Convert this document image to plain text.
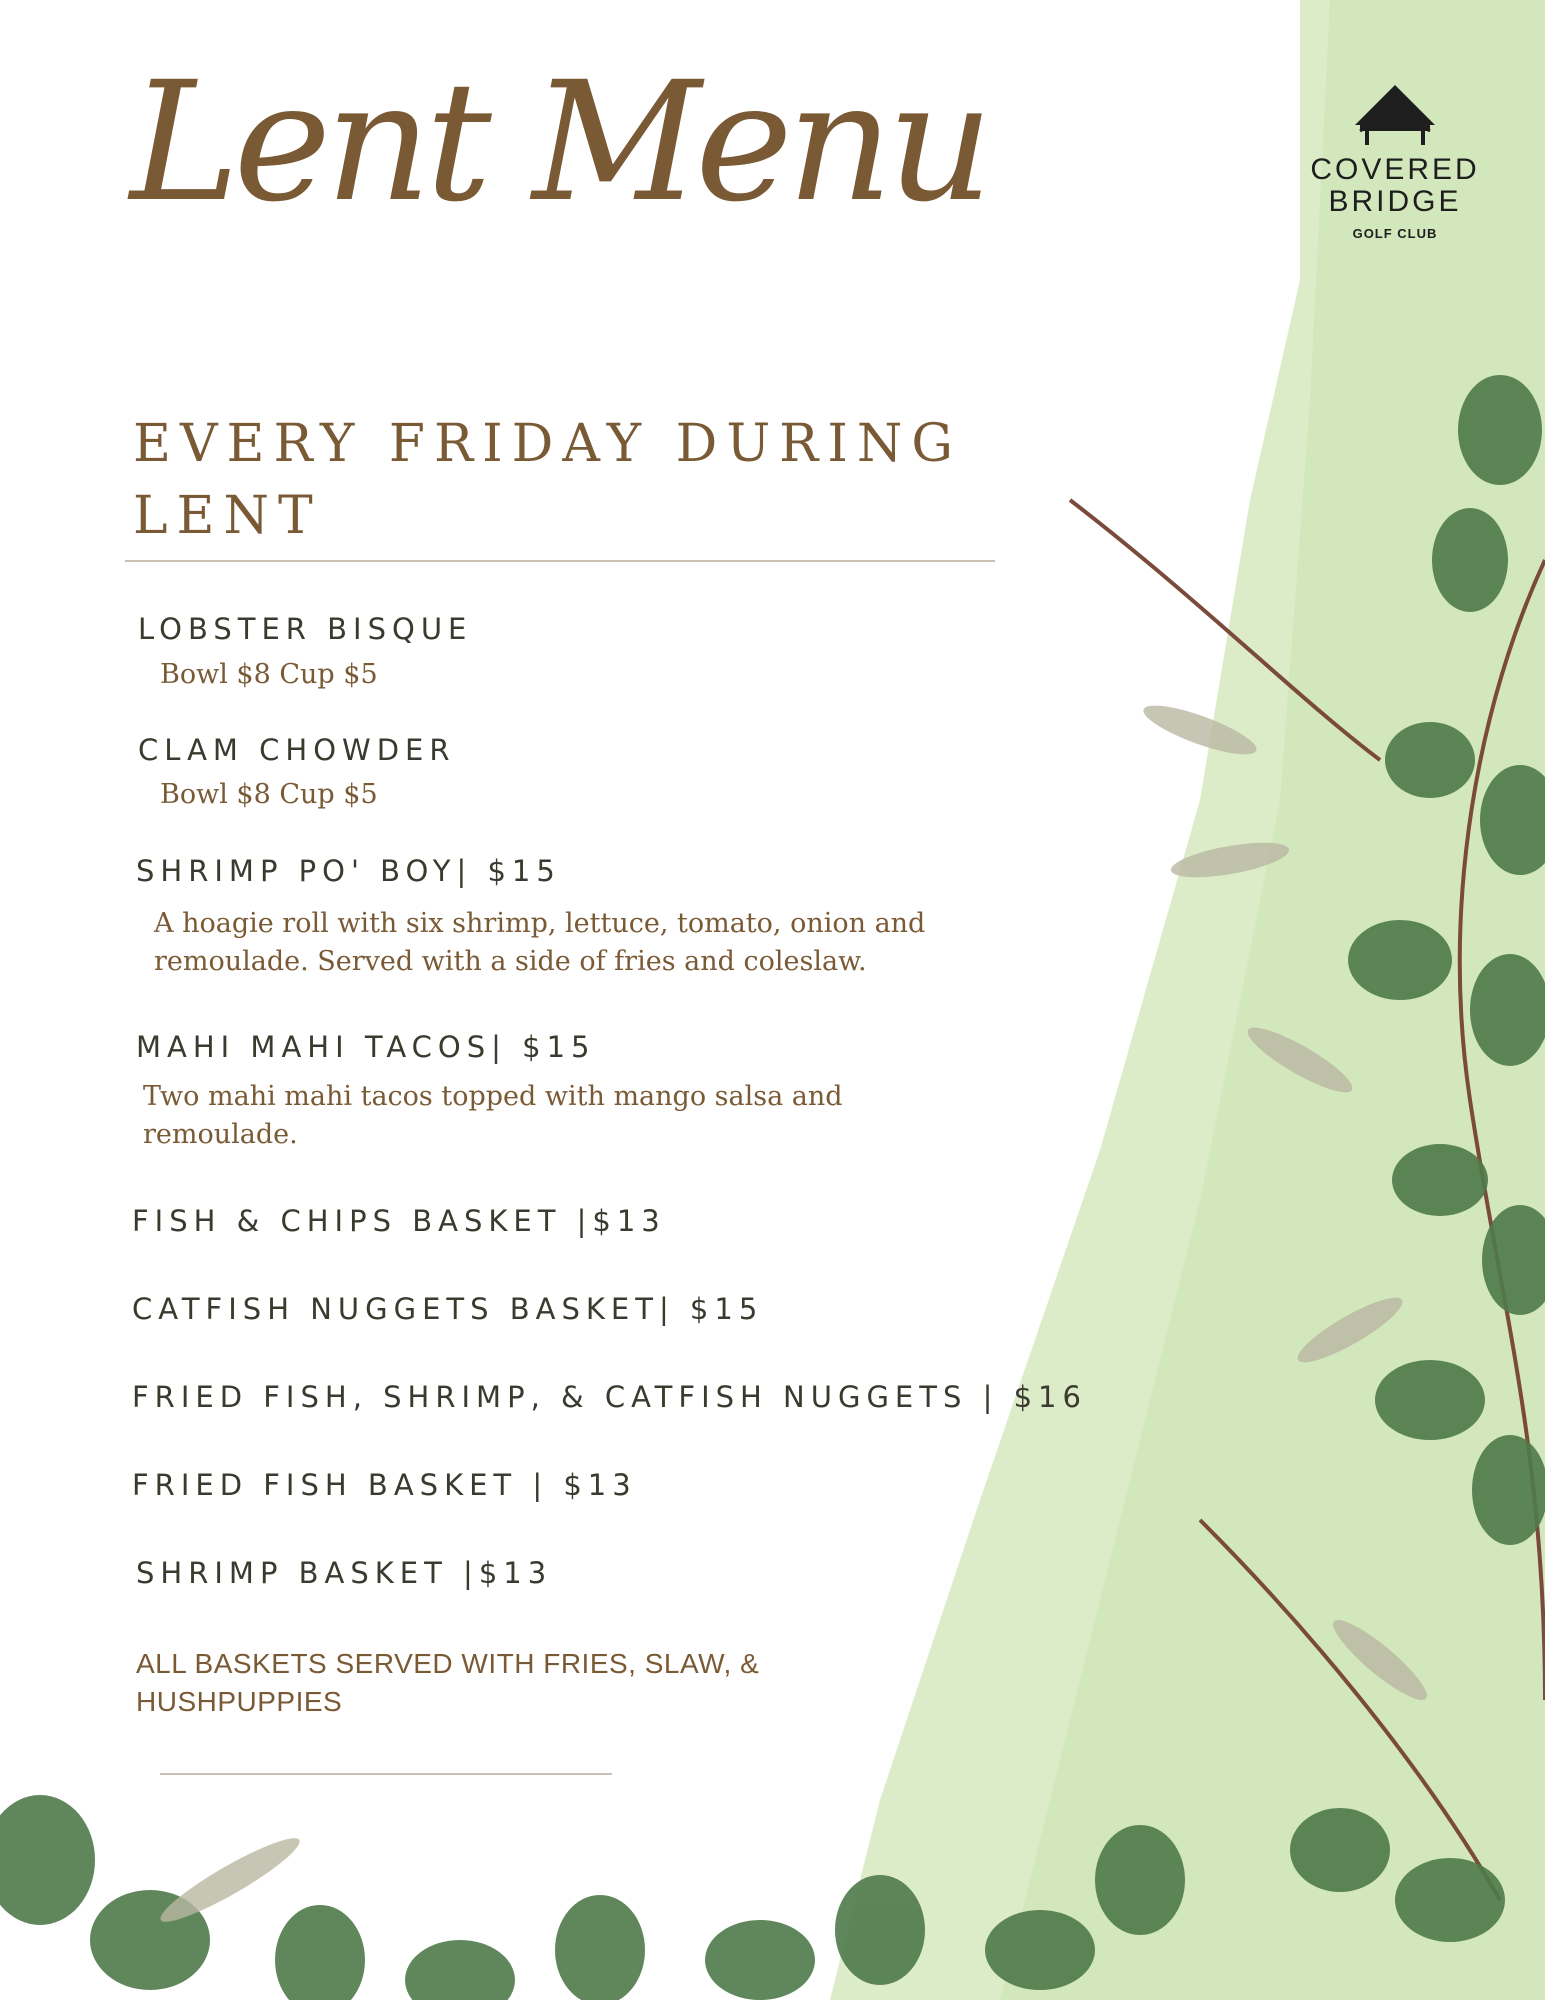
Lent Menu	COVERED
BRIDGE
GOLF CLUB
EVERY FRIDAY DURING LENT
LOBSTER BISQUE
Bowl $8 Cup $5
CLAM CHOWDER
Bowl $8 Cup $5
SHRIMP PO' BOY| $15
A hoagie roll with six shrimp, lettuce, tomato, onion and remoulade. Served with a side of fries and coleslaw.
MAHI MAHI TACOS| $15
Two mahi mahi tacos topped with mango salsa and remoulade.
FISH & CHIPS BASKET |$13
CATFISH NUGGETS BASKET| $15
FRIED FISH, SHRIMP, & CATFISH NUGGETS | $16
FRIED FISH BASKET | $13
SHRIMP BASKET |$13
ALL BASKETS SERVED WITH FRIES, SLAW, & HUSHPUPPIES
